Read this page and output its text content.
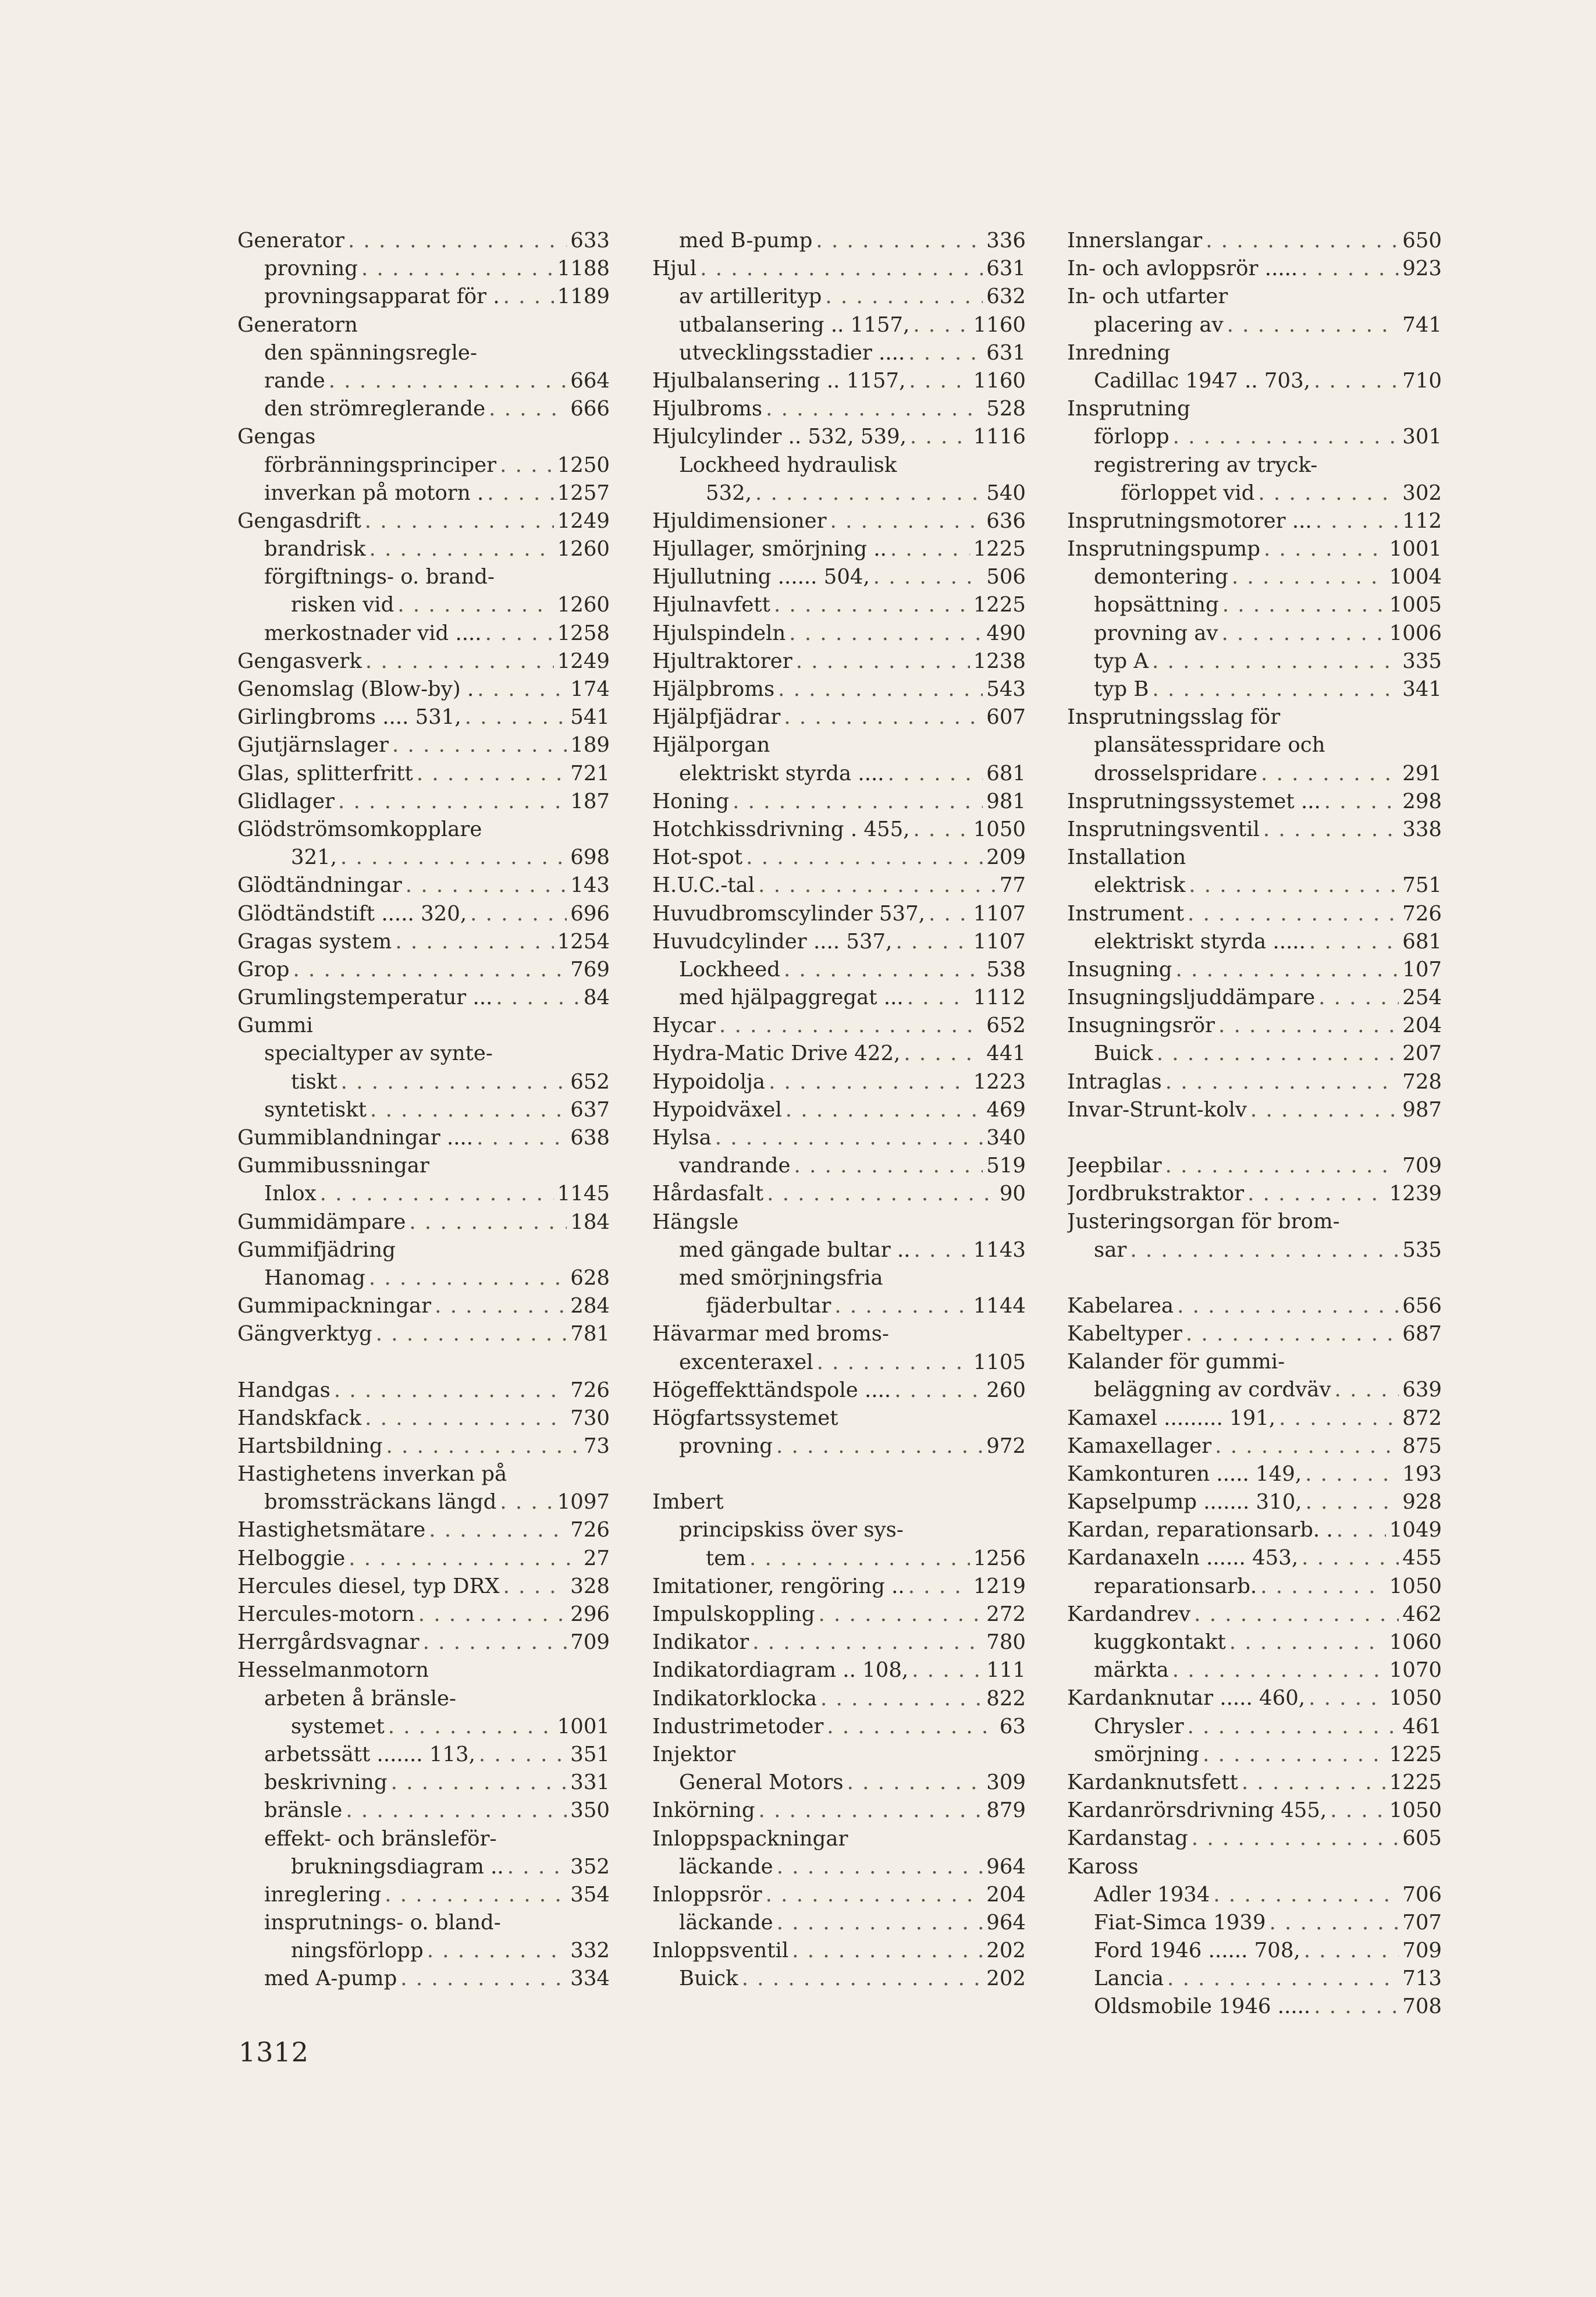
Generator . . .	633
provning . . .	1188
provningsapparat för . . . .	1189
Generatorn
den spänningsregle-
rande . . .	664
den strömreglerande . . .	666
Gengas
förbränningsprinciper . . .	1250
inverkan på motorn . . . .	1257
Gengasdrift . . .	1249
brandrisk . . .	1260
förgiftnings- o. brand-
risken vid . . .	1260
merkostnader vid .... . . .	1258
Gengasverk . . .	1249
Genomslag (Blow-by) . . . .	174
Girlingbroms .... 531, . . .	541
Gjutjärnslager . . .	189
Glas, splitterfritt . . .	721
Glidlager . . .	187
Glödströmsomkopplare
321, . . .	698
Glödtändningar . . .	143
Glödtändstift ..... 320, . . .	696
Gragas system . . .	1254
Grop . . .	769
Grumlingstemperatur ... . . .	84
Gummi
specialtyper av synte-
tiskt . . .	652
syntetiskt . . .	637
Gummiblandningar .... . . .	638
Gummibussningar
Inlox . . .	1145
Gummidämpare . . .	184
Gummifjädring
Hanomag . . .	628
Gummipackningar . . .	284
Gängverktyg . . .	781
Handgas . . .	726
Handskfack . . .	730
Hartsbildning . . .	73
Hastighetens inverkan på
bromssträckans längd . . .	1097
Hastighetsmätare . . .	726
Helboggie . . .	27
Hercules diesel, typ DRX . . .	328
Hercules-motorn . . .	296
Herrgårdsvagnar . . .	709
Hesselmanmotorn
arbeten å bränsle-
systemet . . .	1001
arbetssätt ....... 113, . . .	351
beskrivning . . .	331
bränsle . . .	350
effekt- och bränsleför-
brukningsdiagram .. . . .	352
inreglering . . .	354
insprutnings- o. bland-
ningsförlopp . . .	332
med A-pump . . .	334
med B-pump . . .	336
Hjul . . .	631
av artillerityp . . .	632
utbalansering .. 1157, . . .	1160
utvecklingsstadier .... . . .	631
Hjulbalansering .. 1157, . . .	1160
Hjulbroms . . .	528
Hjulcylinder .. 532, 539, . . .	1116
Lockheed hydraulisk
532, . . .	540
Hjuldimensioner . . .	636
Hjullager, smörjning .. . . .	1225
Hjullutning ...... 504, . . .	506
Hjulnavfett . . .	1225
Hjulspindeln . . .	490
Hjultraktorer . . .	1238
Hjälpbroms . . .	543
Hjälpfjädrar . . .	607
Hjälporgan
elektriskt styrda .... . . .	681
Honing . . .	981
Hotchkissdrivning . 455, . . .	1050
Hot-spot . . .	209
H.U.C.-tal . . .	77
Huvudbromscylinder 537, . . . 1107
Huvudcylinder .... 537, . . .	1107
Lockheed . . .	538
med hjälpaggregat ... . . .	1112
Hycar . . .	652
Hydra-Matic Drive 422, . . .	441
Hypoidolja . . .	1223
Hypoidväxel . . .	469
Hylsa . . .	340
vandrande . . .	519
Hårdasfalt . . .	90
Hängsle
med gängade bultar .. . . .	1143
med smörjningsfria
fjäderbultar . . .	1144
Hävarmar med broms-
excenteraxel . . .	1105
Högeffekttändspole .... . . .	260
Högfartssystemet
provning . . .	972
Imbert
principskiss över sys-
tem . . .	1256
Imitationer, rengöring .. . . .	1219
Impulskoppling . . .	272
Indikator . . .	780
Indikatordiagram .. 108, . . .	111
Indikatorklocka . . .	822
Industrimetoder . . .	63
Injektor
General Motors . . .	309
Inkörning . . .	879
Inloppspackningar
läckande . . .	964
Inloppsrör . . .	204
läckande . . .	964
Inloppsventil . . .	202
Buick . . .	202
Innerslangar . . .	650
In- och avloppsrör ..... . . .	923
In- och utfarter
placering av . . .	741
Inredning
Cadillac 1947 .. 703, . . .	710
Insprutning
förlopp . . .	301
registrering av tryck-
förloppet vid . . .	302
Insprutningsmotorer ... . . .	112
Insprutningspump . . .	1001
demontering . . .	1004
hopsättning . . .	1005
provning av . . .	1006
typ A . . .	335
typ B . . .	341
Insprutningsslag för
plansätesspridare och
drosselspridare . . .	291
Insprutningssystemet ... . . .	298
Insprutningsventil . . .	338
Installation
elektrisk . . .	751
Instrument . . .	726
elektriskt styrda ..... . . .	681
Insugning . . .	107
Insugningsljuddämpare . . .	254
Insugningsrör . . .	204
Buick . . .	207
Intraglas . . .	728
Invar-Strunt-kolv . . .	987
Jeepbilar . . .	709
Jordbrukstraktor . . .	1239
Justeringsorgan för brom-
sar . . .	535
Kabelarea . . .	656
Kabeltyper . . .	687
Kalander för gummi-
beläggning av cordväv . . .	639
Kamaxel ......... 191, . . .	872
Kamaxellager . . .	875
Kamkonturen ..... 149, . . .	193
Kapselpump ....... 310, . . .	928
Kardan, reparationsarb. . . . .	1049
Kardanaxeln ...... 453, . . .	455
reparationsarb. . . .	1050
Kardandrev . . .	462
kuggkontakt . . .	1060
märkta . . .	1070
Kardanknutar ..... 460, . . .	1050
Chrysler . . .	461
smörjning . . .	1225
Kardanknutsfett . . .	1225
Kardanrörsdrivning 455, . . .	1050
Kardanstag . . .	605
Kaross
Adler 1934 . . .	706
Fiat-Simca 1939 . . .	707
Ford 1946 ...... 708, . . .	709
Lancia . . .	713
Oldsmobile 1946 ..... . . .	708
1312
